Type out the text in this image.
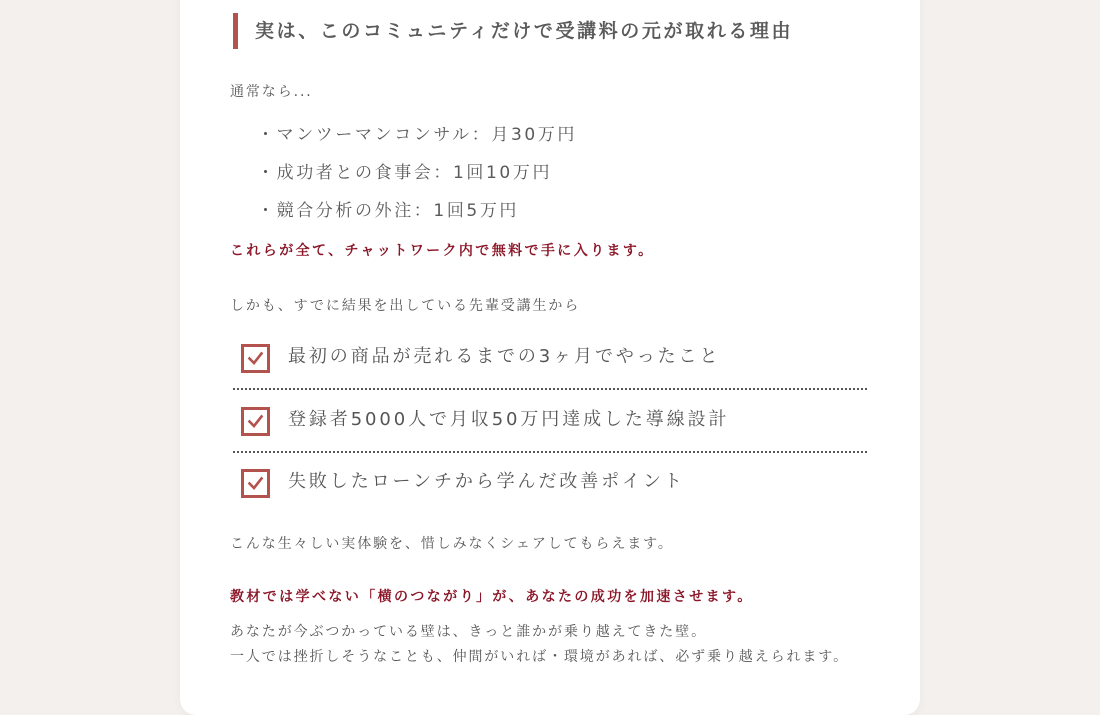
実は、このコミュニティだけで受講料の元が取れる理由
通常なら...
・マンツーマンコンサル：月30万円
・成功者との食事会：1回10万円
・競合分析の外注：1回5万円
これらが全て、チャットワーク内で無料で手に入ります。
しかも、すでに結果を出している先輩受講生から
最初の商品が売れるまでの3ヶ月でやったこと
登録者5000人で月収50万円達成した導線設計
失敗したローンチから学んだ改善ポイント
こんな生々しい実体験を、惜しみなくシェアしてもらえます。
教材では学べない「横のつながり」が、あなたの成功を加速させます。
あなたが今ぶつかっている壁は、きっと誰かが乗り越えてきた壁。
一人では挫折しそうなことも、仲間がいれば・環境があれば、必ず乗り越えられます。
